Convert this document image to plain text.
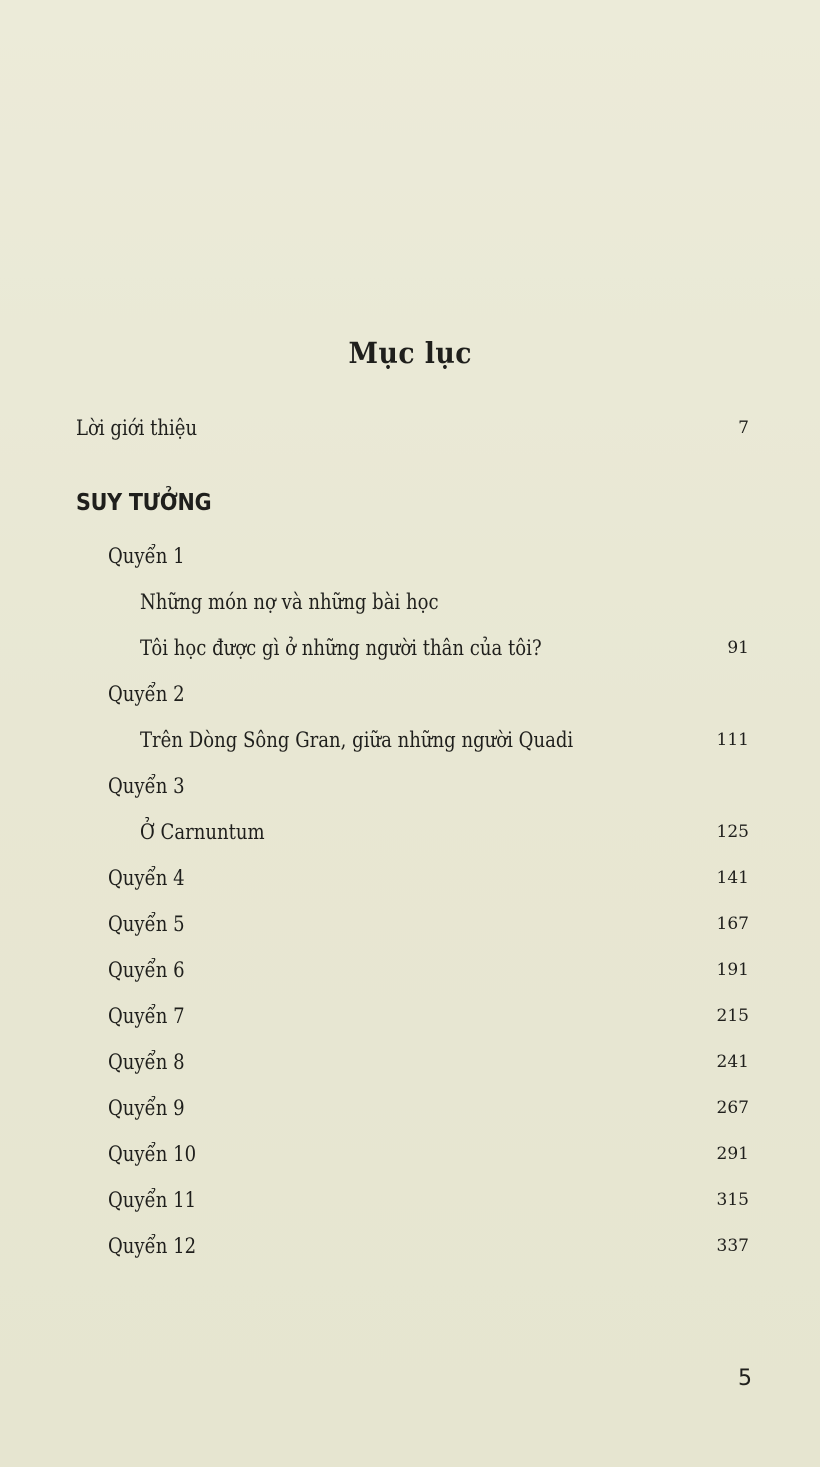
Mục lục
Lời giới thiệu	7
SUY TƯỞNG
Quyển 1
Những món nợ và những bài học
Tôi học được gì ở những người thân của tôi?	91
Quyển 2
Trên Dòng Sông Gran, giữa những người Quadi	111
Quyển 3
Ở Carnuntum	125
Quyển 4	141
Quyển 5	167
Quyển 6	191
Quyển 7	215
Quyển 8	241
Quyển 9	267
Quyển 10	291
Quyển 11	315
Quyển 12	337
5
